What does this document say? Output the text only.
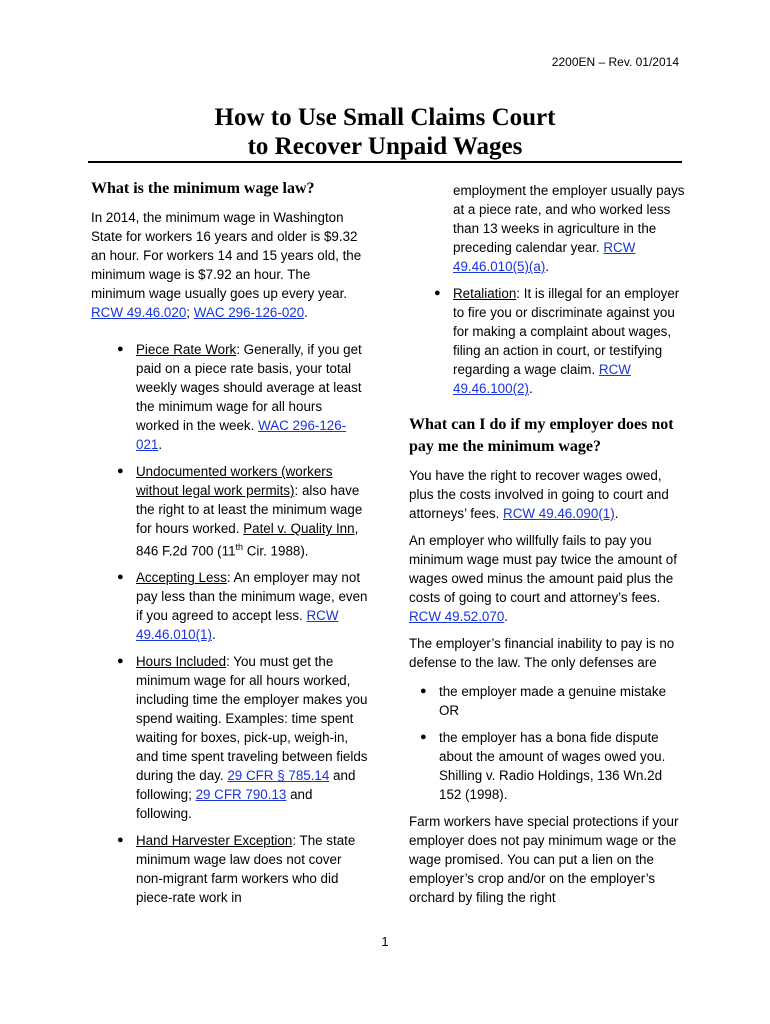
2200EN – Rev. 01/2014
How to Use Small Claims Court
to Recover Unpaid Wages
What is the minimum wage law?

In 2014, the minimum wage in Washington State for workers 16 years and older is $9.32 an hour. For workers 14 and 15 years old, the minimum wage is $7.92 an hour. The minimum wage usually goes up every year. RCW 49.46.020; WAC 296-126-020.

● Piece Rate Work: Generally, if you get paid on a piece rate basis, your total weekly wages should average at least the minimum wage for all hours worked in the week. WAC 296-126-021.
● Undocumented workers (workers without legal work permits): also have the right to at least the minimum wage for hours worked. Patel v. Quality Inn, 846 F.2d 700 (11th Cir. 1988).
● Accepting Less: An employer may not pay less than the minimum wage, even if you agreed to accept less. RCW 49.46.010(1).
● Hours Included: You must get the minimum wage for all hours worked, including time the employer makes you spend waiting. Examples: time spent waiting for boxes, pick-up, weigh-in, and time spent traveling between fields during the day. 29 CFR § 785.14 and following; 29 CFR 790.13 and following.
● Hand Harvester Exception: The state minimum wage law does not cover non-migrant farm workers who did piece-rate work in
employment the employer usually pays at a piece rate, and who worked less than 13 weeks in agriculture in the preceding calendar year. RCW 49.46.010(5)(a).
● Retaliation: It is illegal for an employer to fire you or discriminate against you for making a complaint about wages, filing an action in court, or testifying regarding a wage claim. RCW 49.46.100(2).
What can I do if my employer does not pay me the minimum wage?

You have the right to recover wages owed, plus the costs involved in going to court and attorneys’ fees. RCW 49.46.090(1).

An employer who willfully fails to pay you minimum wage must pay twice the amount of wages owed minus the amount paid plus the costs of going to court and attorney’s fees.    RCW 49.52.070.

The employer’s financial inability to pay is no defense to the law. The only defenses are

● the employer made a genuine mistake OR
● the employer has a bona fide dispute about the amount of wages owed you. Shilling v. Radio Holdings, 136 Wn.2d 152 (1998).

Farm workers have special protections if your employer does not pay minimum wage or the wage promised. You can put a lien on the employer’s crop and/or on the employer’s orchard by filing the right

1
